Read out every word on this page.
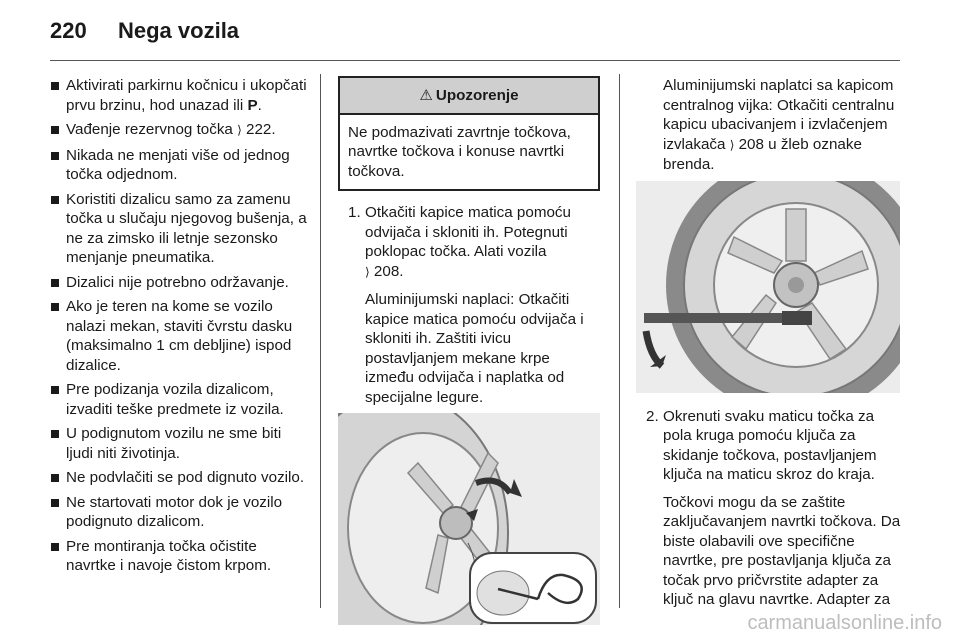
220 Nega vozila
Aktivirati parkirnu kočnicu i ukopčati prvu brzinu, hod unazad ili P.
Vađenje rezervnog točka ⟩ 222.
Nikada ne menjati više od jednog točka odjednom.
Koristiti dizalicu samo za zamenu točka u slučaju njegovog bušenja, a ne za zimsko ili letnje sezonsko menjanje pneumatika.
Dizalici nije potrebno održavanje.
Ako je teren na kome se vozilo nalazi mekan, staviti čvrstu dasku (maksimalno 1 cm debljine) ispod dizalice.
Pre podizanja vozila dizalicom, izvaditi teške predmete iz vozila.
U podignutom vozilu ne sme biti ljudi niti životinja.
Ne podvlačiti se pod dignuto vozilo.
Ne startovati motor dok je vozilo podignuto dizalicom.
Pre montiranja točka očistite navrtke i navoje čistom krpom.
⚠ Upozorenje
Ne podmazivati zavrtnje točkova, navrtke točkova i konuse navrtki točkova.
1. Otkačiti kapice matica pomoću odvijača i skloniti ih. Potegnuti poklopac točka. Alati vozila
⟩ 208.

Aluminijumski naplaci: Otkačiti kapice matica pomoću odvijača i skloniti ih. Zaštiti ivicu postavljanjem mekane krpe između odvijača i naplatka od specijalne legure.

Aluminijumski naplatci sa kapicom centralnog vijka: Otkačiti centralnu kapicu ubacivanjem i izvlačenjem izvlakača ⟩ 208 u žleb oznake brenda.

2. Okrenuti svaku maticu točka za pola kruga pomoću ključa za skidanje točkova, postavljanjem ključa na maticu skroz do kraja.

Točkovi mogu da se zaštite zaključavanjem navrtki točkova. Da biste olabavili ove specifične navrtke, pre postavljanja ključa za točak prvo pričvrstite adapter za ključ na glavu navrtke. Adapter za

carmanualsonline.info
